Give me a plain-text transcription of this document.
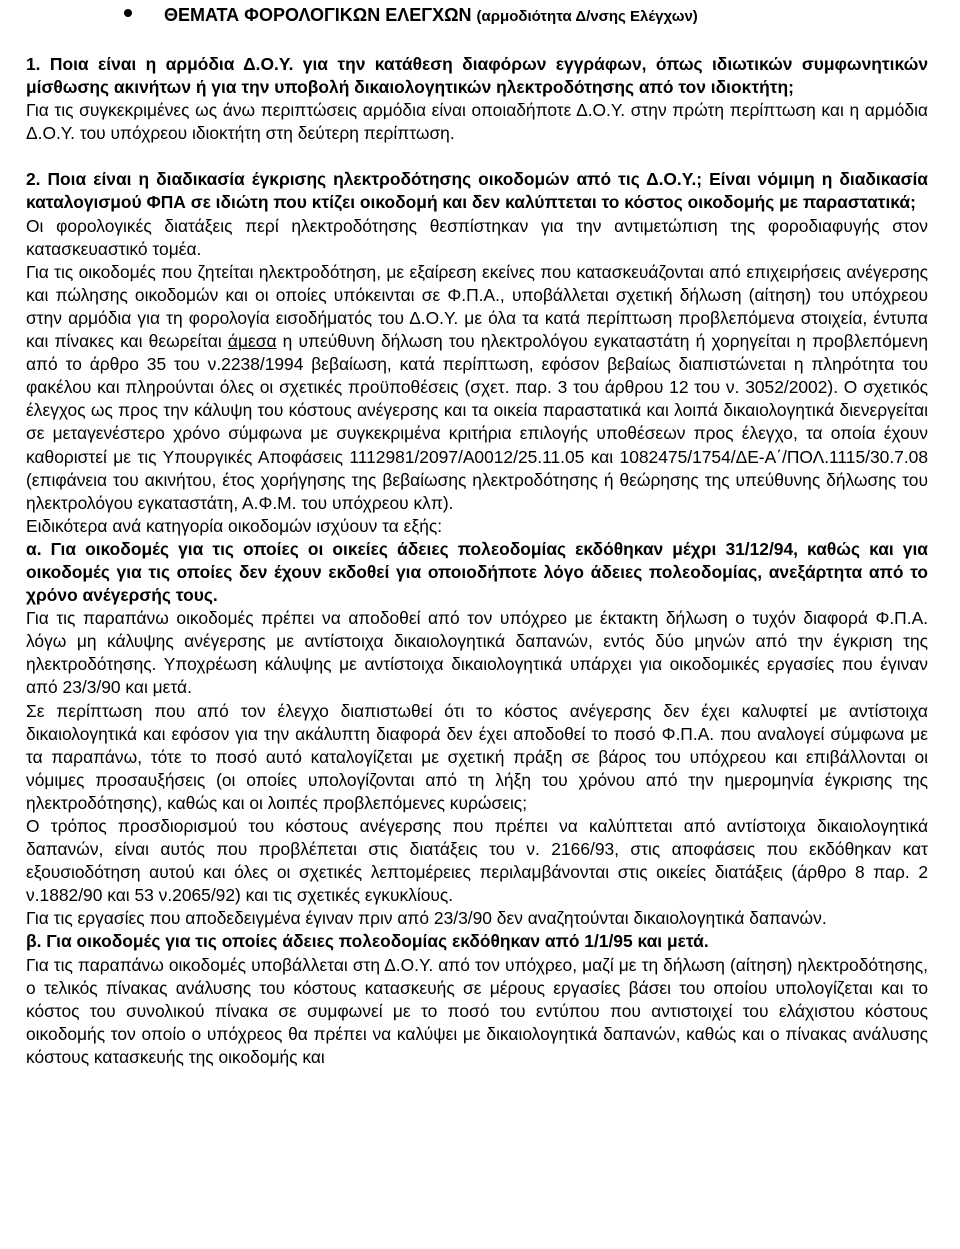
ΘΕΜΑΤΑ ΦΟΡΟΛΟΓΙΚΩΝ ΕΛΕΓΧΩΝ (αρμοδιότητα Δ/νσης Ελέγχων)

1. Ποια είναι η αρμόδια Δ.Ο.Υ. για την κατάθεση διαφόρων εγγράφων, όπως ιδιωτικών συμφωνητικών μίσθωσης ακινήτων ή για την υποβολή δικαιολογητικών ηλεκτροδότησης από τον ιδιοκτήτη;

Για τις συγκεκριμένες ως άνω περιπτώσεις αρμόδια είναι οποιαδήποτε Δ.Ο.Υ. στην πρώτη περίπτωση και η αρμόδια Δ.Ο.Υ. του υπόχρεου ιδιοκτήτη στη δεύτερη περίπτωση.

2. Ποια είναι η διαδικασία έγκρισης ηλεκτροδότησης οικοδομών από τις Δ.Ο.Υ.; Είναι νόμιμη η διαδικασία καταλογισμού ΦΠΑ σε ιδιώτη που κτίζει οικοδομή και δεν καλύπτεται το κόστος οικοδομής με παραστατικά;

Οι φορολογικές διατάξεις περί ηλεκτροδότησης θεσπίστηκαν για την αντιμετώπιση της φοροδιαφυγής στον κατασκευαστικό τομέα.

Για τις οικοδομές που ζητείται ηλεκτροδότηση, με εξαίρεση εκείνες που κατασκευάζονται από επιχειρήσεις ανέγερσης και πώλησης οικοδομών και οι οποίες υπόκεινται σε Φ.Π.Α., υποβάλλεται σχετική δήλωση (αίτηση) του υπόχρεου στην αρμόδια για τη φορολογία εισοδήματός του Δ.Ο.Υ. με όλα τα κατά περίπτωση προβλεπόμενα στοιχεία, έντυπα και πίνακες και θεωρείται άμεσα η υπεύθυνη δήλωση του ηλεκτρολόγου εγκαταστάτη ή χορηγείται η προβλεπόμενη από το άρθρο 35 του ν.2238/1994 βεβαίωση, κατά περίπτωση, εφόσον βεβαίως διαπιστώνεται η πληρότητα του φακέλου και πληρούνται όλες οι σχετικές προϋποθέσεις (σχετ. παρ. 3 του άρθρου 12 του ν. 3052/2002). Ο σχετικός έλεγχος ως προς την κάλυψη του κόστους ανέγερσης και τα οικεία παραστατικά και λοιπά δικαιολογητικά διενεργείται σε μεταγενέστερο χρόνο σύμφωνα με συγκεκριμένα κριτήρια επιλογής υποθέσεων προς έλεγχο, τα οποία έχουν καθοριστεί με τις Υπουργικές Αποφάσεις 1112981/2097/Α0012/25.11.05 και 1082475/1754/ΔΕ-Α΄/ΠΟΛ.1115/30.7.08 (επιφάνεια του ακινήτου, έτος χορήγησης της βεβαίωσης ηλεκτροδότησης ή θεώρησης της υπεύθυνης δήλωσης του ηλεκτρολόγου εγκαταστάτη, Α.Φ.Μ. του υπόχρεου κλπ).

Ειδικότερα ανά κατηγορία οικοδομών ισχύουν τα εξής:

α. Για οικοδομές για τις οποίες οι οικείες άδειες πολεοδομίας εκδόθηκαν μέχρι 31/12/94, καθώς και για οικοδομές για τις οποίες δεν έχουν εκδοθεί για οποιοδήποτε λόγο άδειες πολεοδομίας, ανεξάρτητα από το χρόνο ανέγερσής τους.

Για τις παραπάνω οικοδομές πρέπει να αποδοθεί από τον υπόχρεο με έκτακτη δήλωση ο τυχόν διαφορά Φ.Π.Α. λόγω μη κάλυψης ανέγερσης με αντίστοιχα δικαιολογητικά δαπανών, εντός δύο μηνών από την έγκριση της ηλεκτροδότησης. Υποχρέωση κάλυψης με αντίστοιχα δικαιολογητικά υπάρχει για οικοδομικές εργασίες που έγιναν από 23/3/90 και μετά.

Σε περίπτωση που από τον έλεγχο διαπιστωθεί ότι το κόστος ανέγερσης δεν έχει καλυφτεί με αντίστοιχα δικαιολογητικά και εφόσον για την ακάλυπτη διαφορά δεν έχει αποδοθεί το ποσό Φ.Π.Α. που αναλογεί σύμφωνα με τα παραπάνω, τότε το ποσό αυτό καταλογίζεται με σχετική πράξη σε βάρος του υπόχρεου και επιβάλλονται οι νόμιμες προσαυξήσεις (οι οποίες υπολογίζονται από τη λήξη του χρόνου από την ημερομηνία έγκρισης της ηλεκτροδότησης), καθώς και οι λοιπές προβλεπόμενες κυρώσεις;

Ο τρόπος προσδιορισμού του κόστους ανέγερσης που πρέπει να καλύπτεται από αντίστοιχα δικαιολογητικά δαπανών, είναι αυτός που προβλέπεται στις διατάξεις του ν. 2166/93, στις αποφάσεις που εκδόθηκαν κατ εξουσιοδότηση αυτού και όλες οι σχετικές λεπτομέρειες περιλαμβάνονται στις οικείες διατάξεις (άρθρο 8 παρ. 2 ν.1882/90 και 53 ν.2065/92) και τις σχετικές εγκυκλίους.

Για τις εργασίες που αποδεδειγμένα έγιναν πριν από 23/3/90 δεν αναζητούνται δικαιολογητικά δαπανών.

β. Για οικοδομές για τις οποίες άδειες πολεοδομίας εκδόθηκαν από 1/1/95 και μετά.

Για τις παραπάνω οικοδομές υποβάλλεται στη Δ.Ο.Υ. από τον υπόχρεο, μαζί με τη δήλωση (αίτηση) ηλεκτροδότησης, ο τελικός πίνακας ανάλυσης του κόστους κατασκευής σε μέρους εργασίες βάσει του οποίου υπολογίζεται και το κόστος του συνολικού πίνακα σε συμφωνεί με το ποσό του εντύπου που αντιστοιχεί του ελάχιστου κόστους οικοδομής τον οποίο ο υπόχρεος θα πρέπει να καλύψει με δικαιολογητικά δαπανών, καθώς και ο πίνακας ανάλυσης κόστους κατασκευής της οικοδομής και
